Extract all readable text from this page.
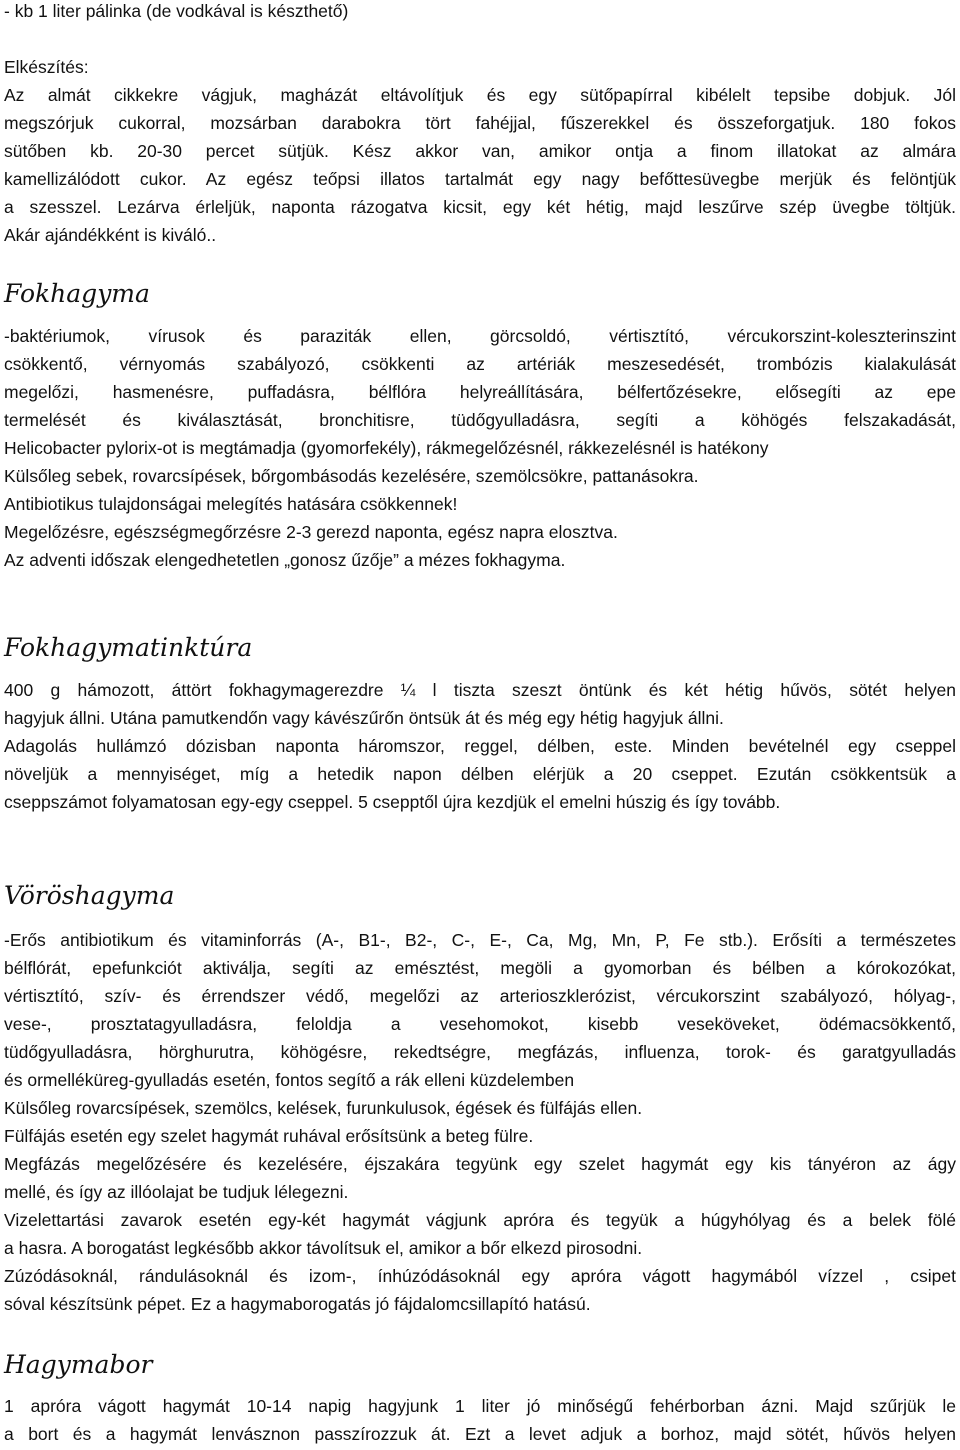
- kb 1 liter pálinka (de vodkával is készthető)
Elkészítés:
Az almát cikkekre vágjuk, magházát eltávolítjuk és egy sütőpapírral kibélelt tepsibe dobjuk. Jól
megszórjuk cukorral, mozsárban darabokra tört fahéjjal, fűszerekkel és összeforgatjuk. 180 fokos
sütőben kb. 20-30 percet sütjük. Kész akkor van, amikor ontja a finom illatokat az almára
kamellizálódott cukor. Az egész teőpsi illatos tartalmát egy nagy befőttesüvegbe merjük és felöntjük
a szesszel. Lezárva érleljük, naponta rázogatva kicsit, egy két hétig, majd leszűrve szép üvegbe töltjük.
Akár ajándékként is kiváló..
Fokhagyma
-baktériumok, vírusok és paraziták ellen, görcsoldó, vértisztító, vércukorszint-koleszterinszint
csökkentő, vérnyomás szabályozó, csökkenti az artériák meszesedését, trombózis kialakulását
megelőzi, hasmenésre, puffadásra, bélflóra helyreállítására, bélfertőzésekre, elősegíti az epe
termelését és kiválasztását, bronchitisre, tüdőgyulladásra, segíti a köhögés felszakadását,
Helicobacter pylorix-ot is megtámadja (gyomorfekély), rákmegelőzésnél, rákkezelésnél is hatékony
Külsőleg sebek, rovarcsípések, bőrgombásodás kezelésére, szemölcsökre, pattanásokra.
Antibiotikus tulajdonságai melegítés hatására csökkennek!
Megelőzésre, egészségmegőrzésre 2-3 gerezd naponta, egész napra elosztva.
Az adventi időszak elengedhetetlen „gonosz űzője” a mézes fokhagyma.
Fokhagymatinktúra
400 g hámozott, áttört fokhagymagerezdre ¼ l tiszta szeszt öntünk és két hétig hűvös, sötét helyen
hagyjuk állni. Utána pamutkendőn vagy kávészűrőn öntsük át és még egy hétig hagyjuk állni.
Adagolás hullámzó dózisban naponta háromszor, reggel, délben, este. Minden bevételnél egy cseppel
növeljük a mennyiséget, míg a hetedik napon délben elérjük a 20 cseppet. Ezután csökkentsük a
cseppszámot folyamatosan egy-egy cseppel. 5 csepptől újra kezdjük el emelni húszig és így tovább.
Vöröshagyma
-Erős antibiotikum és vitaminforrás (A-, B1-, B2-, C-, E-, Ca, Mg, Mn, P, Fe stb.). Erősíti a természetes
bélflórát, epefunkciót aktiválja, segíti az emésztést, megöli a gyomorban és bélben a kórokozókat,
vértisztító, szív- és érrendszer védő, megelőzi az arterioszklerózist, vércukorszint szabályozó, hólyag-,
vese-, prosztatagyulladásra, feloldja a vesehomokot, kisebb veseköveket, ödémacsökkentő,
tüdőgyulladásra, hörghurutra, köhögésre, rekedtségre, megfázás, influenza, torok- és garatgyulladás
és ormelléküreg-gyulladás esetén, fontos segítő a rák elleni küzdelemben
Külsőleg rovarcsípések, szemölcs, kelések, furunkulusok, égések és fülfájás ellen.
Fülfájás esetén egy szelet hagymát ruhával erősítsünk a beteg fülre.
Megfázás megelőzésére és kezelésére, éjszakára tegyünk egy szelet hagymát egy kis tányéron az ágy
mellé, és így az illóolajat be tudjuk lélegezni.
Vizelettartási zavarok esetén egy-két hagymát vágjunk apróra és tegyük a húgyhólyag és a belek fölé
a hasra. A borogatást legkésőbb akkor távolítsuk el, amikor a bőr elkezd pirosodni.
Zúzódásoknál, rándulásoknál és izom-, ínhúzódásoknál egy apróra vágott hagymából vízzel , csipet
sóval készítsünk pépet. Ez a hagymaborogatás jó fájdalomcsillapító hatású.
Hagymabor
1 apróra vágott hagymát 10-14 napig hagyjunk 1 liter jó minőségű fehérborban ázni. Majd szűrjük le
a bort és a hagymát lenvásznon passzírozzuk át. Ezt a levet adjuk a borhoz, majd sötét, hűvös helyen
